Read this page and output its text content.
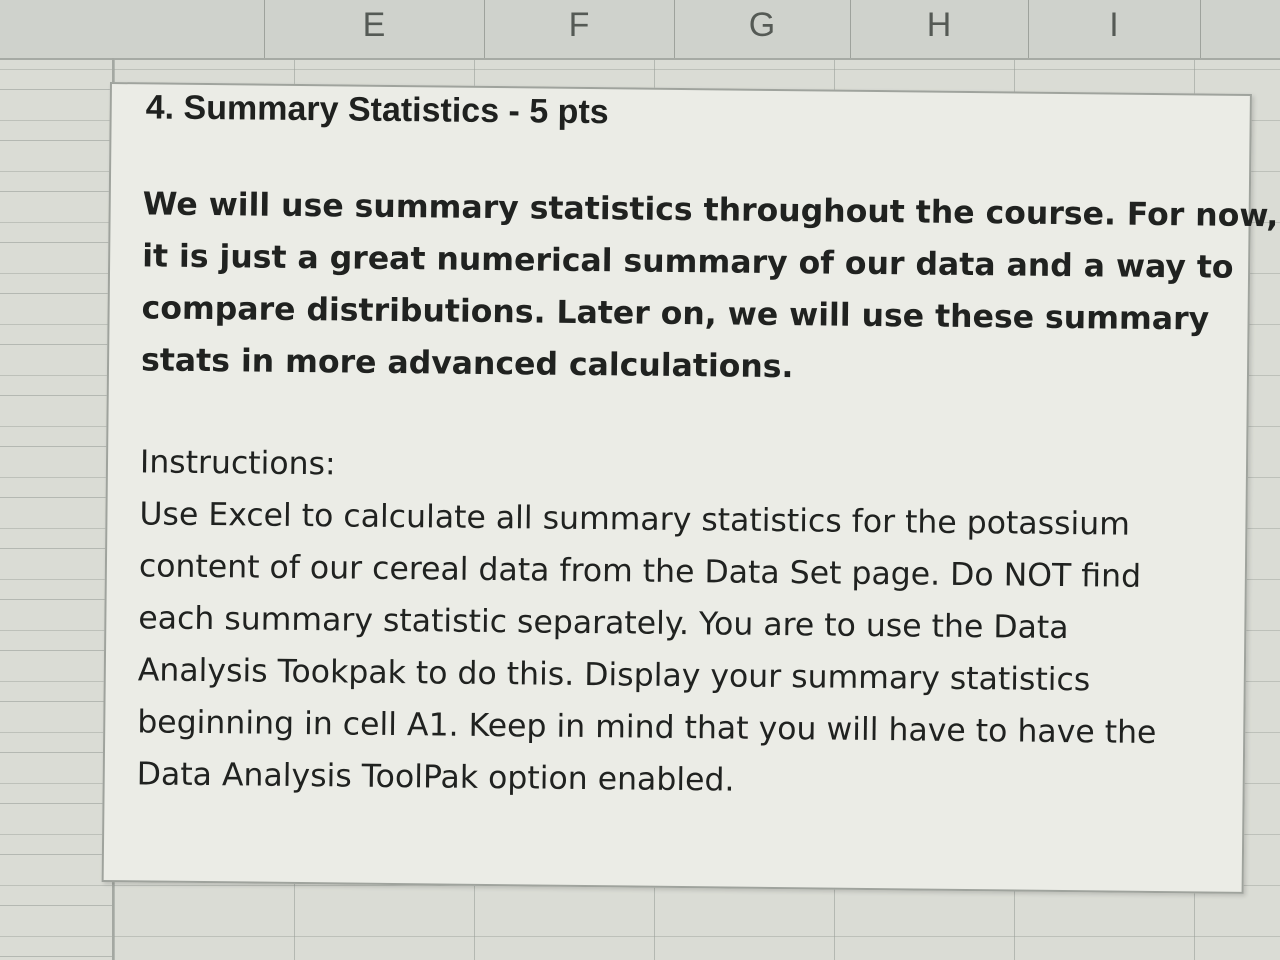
E	F	G	H	I
4. Summary Statistics - 5 pts

We will use summary statistics throughout the course. For now,
it is just a great numerical summary of our data and a way to
compare distributions. Later on, we will use these summary
stats in more advanced calculations.

Instructions:

Use Excel to calculate all summary statistics for the potassium
content of our cereal data from the Data Set page. Do NOT find
each summary statistic separately. You are to use the Data
Analysis Tookpak to do this. Display your summary statistics
beginning in cell A1. Keep in mind that you will have to have the
Data Analysis ToolPak option enabled.
